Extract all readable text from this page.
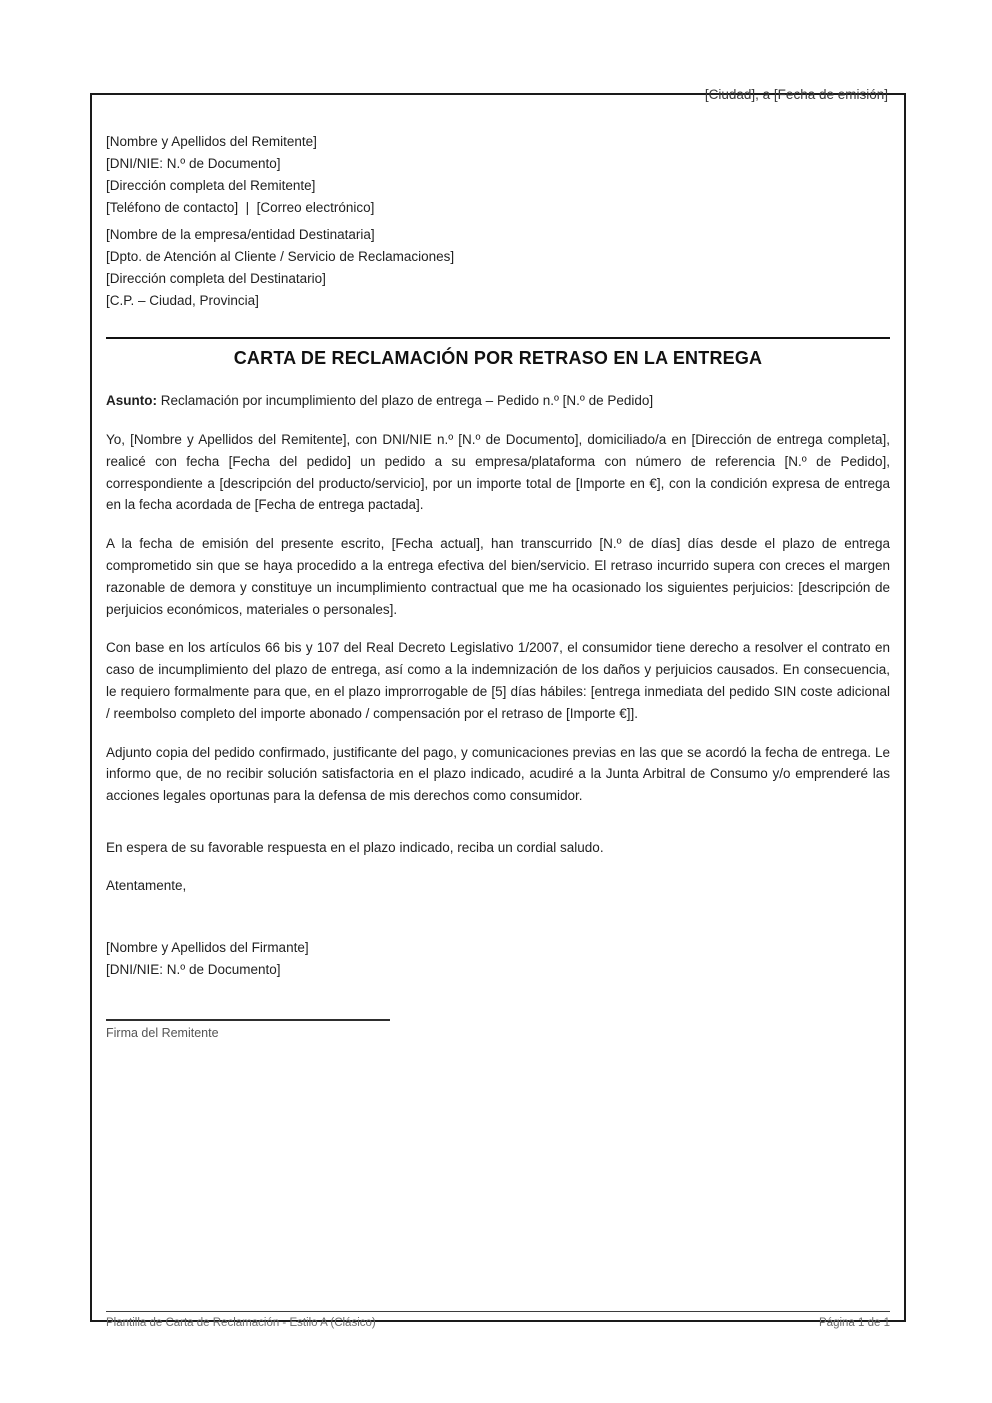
[Ciudad], a [Fecha de emisión]
[Nombre y Apellidos del Remitente]
[DNI/NIE: N.º de Documento]
[Dirección completa del Remitente]
[Teléfono de contacto]  |  [Correo electrónico]
[Nombre de la empresa/entidad Destinataria]
[Dpto. de Atención al Cliente / Servicio de Reclamaciones]
[Dirección completa del Destinatario]
[C.P. – Ciudad, Provincia]
CARTA DE RECLAMACIÓN POR RETRASO EN LA ENTREGA
Asunto: Reclamación por incumplimiento del plazo de entrega – Pedido n.º [N.º de Pedido]

Yo, [Nombre y Apellidos del Remitente], con DNI/NIE n.º [N.º de Documento], domiciliado/a en [Dirección de entrega completa], realicé con fecha [Fecha del pedido] un pedido a su empresa/plataforma con número de referencia [N.º de Pedido], correspondiente a [descripción del producto/servicio], por un importe total de [Importe en €], con la condición expresa de entrega en la fecha acordada de [Fecha de entrega pactada].

A la fecha de emisión del presente escrito, [Fecha actual], han transcurrido [N.º de días] días desde el plazo de entrega comprometido sin que se haya procedido a la entrega efectiva del bien/servicio. El retraso incurrido supera con creces el margen razonable de demora y constituye un incumplimiento contractual que me ha ocasionado los siguientes perjuicios: [descripción de perjuicios económicos, materiales o personales].

Con base en los artículos 66 bis y 107 del Real Decreto Legislativo 1/2007, el consumidor tiene derecho a resolver el contrato en caso de incumplimiento del plazo de entrega, así como a la indemnización de los daños y perjuicios causados. En consecuencia, le requiero formalmente para que, en el plazo improrrogable de [5] días hábiles: [entrega inmediata del pedido SIN coste adicional / reembolso completo del importe abonado / compensación por el retraso de [Importe €]].

Adjunto copia del pedido confirmado, justificante del pago, y comunicaciones previas en las que se acordó la fecha de entrega. Le informo que, de no recibir solución satisfactoria en el plazo indicado, acudiré a la Junta Arbitral de Consumo y/o emprenderé las acciones legales oportunas para la defensa de mis derechos como consumidor.

En espera de su favorable respuesta en el plazo indicado, reciba un cordial saludo.

Atentamente,

[Nombre y Apellidos del Firmante]
[DNI/NIE: N.º de Documento]
Firma del Remitente
Plantilla de Carta de Reclamación - Estilo A (Clásico)	Página 1 de 1
